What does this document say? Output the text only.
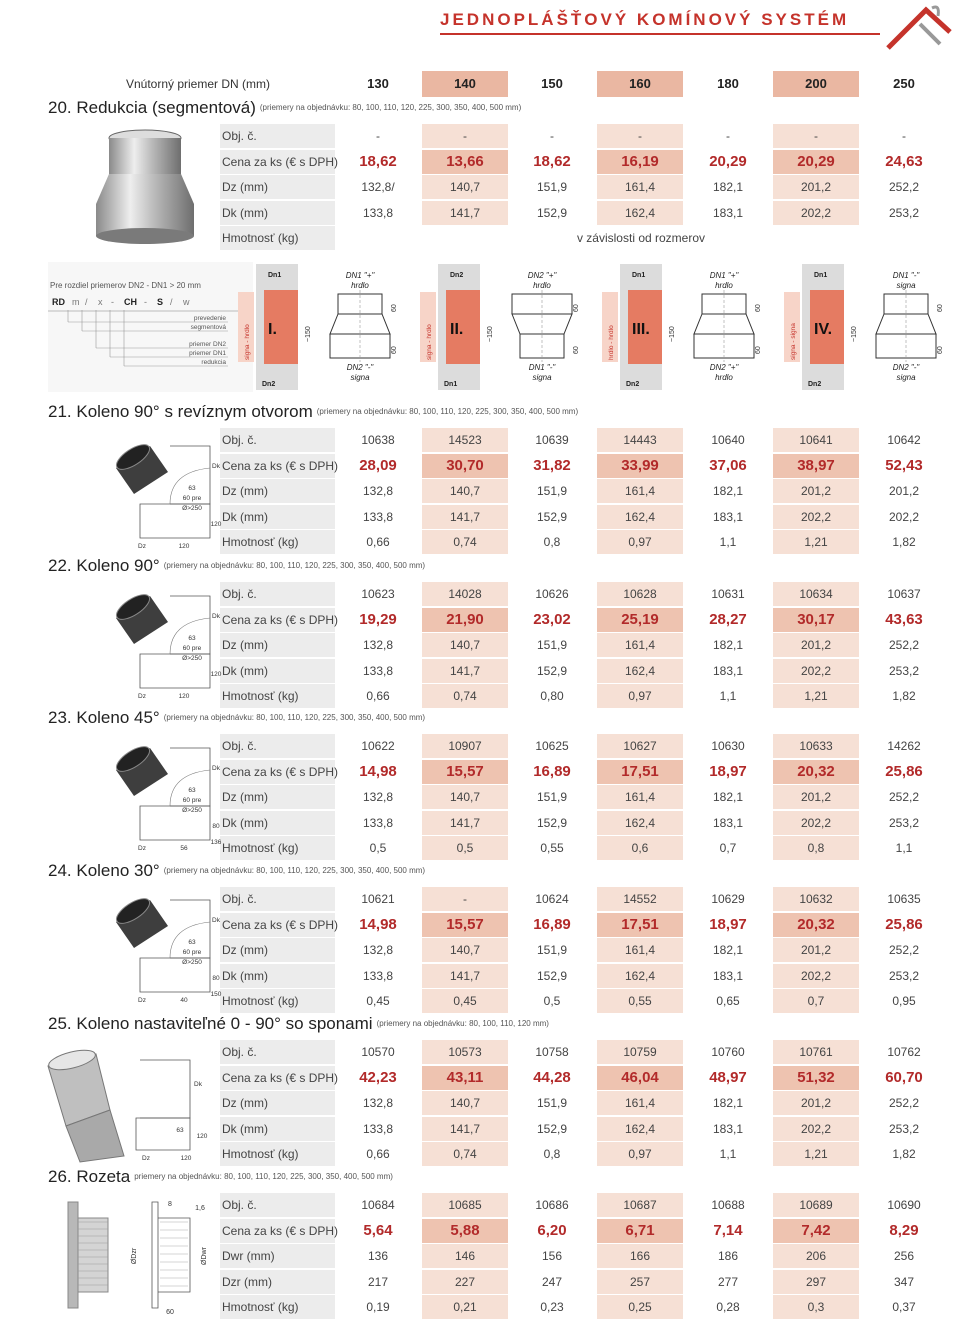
JEDNOPLÁŠŤOVÝ KOMÍNOVÝ SYSTÉM
Vnútorný priemer DN (mm)	130	140	150	160	180	200	250
20. Redukcia (segmentová) (priemery na objednávku: 80, 100, 110, 120, 225, 300, 350, 400, 500 mm)
Obj. č.	-	-	-	-	-	-	-
Cena za ks (€ s DPH)	18,62	13,66	18,62	16,19	20,29	20,29	24,63
Dz (mm)	132,8/	140,7	151,9	161,4	182,1	201,2	252,2
Dk (mm)	133,8	141,7	152,9	162,4	183,1	202,2	253,2
Hmotnosť (kg)	v závislosti od rozmerov
21. Koleno 90° s revíznym otvorom (priemery na objednávku: 80, 100, 110, 120, 225, 300, 350, 400, 500 mm)
Obj. č.	10638	14523	10639	14443	10640	10641	10642
Cena za ks (€ s DPH)	28,09	30,70	31,82	33,99	37,06	38,97	52,43
Dz (mm)	132,8	140,7	151,9	161,4	182,1	201,2	201,2
Dk (mm)	133,8	141,7	152,9	162,4	183,1	202,2	202,2
Hmotnosť (kg)	0,66	0,74	0,8	0,97	1,1	1,21	1,82
22. Koleno 90° (priemery na objednávku: 80, 100, 110, 120, 225, 300, 350, 400, 500 mm)
Obj. č.	10623	14028	10626	10628	10631	10634	10637
Cena za ks (€ s DPH)	19,29	21,90	23,02	25,19	28,27	30,17	43,63
Dz (mm)	132,8	140,7	151,9	161,4	182,1	201,2	252,2
Dk (mm)	133,8	141,7	152,9	162,4	183,1	202,2	253,2
Hmotnosť (kg)	0,66	0,74	0,80	0,97	1,1	1,21	1,82
23. Koleno 45° (priemery na objednávku: 80, 100, 110, 120, 225, 300, 350, 400, 500 mm)
Obj. č.	10622	10907	10625	10627	10630	10633	14262
Cena za ks (€ s DPH)	14,98	15,57	16,89	17,51	18,97	20,32	25,86
Dz (mm)	132,8	140,7	151,9	161,4	182,1	201,2	252,2
Dk (mm)	133,8	141,7	152,9	162,4	183,1	202,2	253,2
Hmotnosť (kg)	0,5	0,5	0,55	0,6	0,7	0,8	1,1
24. Koleno 30° (priemery na objednávku: 80, 100, 110, 120, 225, 300, 350, 400, 500 mm)
Obj. č.	10621	-	10624	14552	10629	10632	10635
Cena za ks (€ s DPH)	14,98	15,57	16,89	17,51	18,97	20,32	25,86
Dz (mm)	132,8	140,7	151,9	161,4	182,1	201,2	252,2
Dk (mm)	133,8	141,7	152,9	162,4	183,1	202,2	253,2
Hmotnosť (kg)	0,45	0,45	0,5	0,55	0,65	0,7	0,95
25. Koleno nastaviteľné 0 - 90° so sponami (priemery na objednávku: 80, 100, 110, 120 mm)
Obj. č.	10570	10573	10758	10759	10760	10761	10762
Cena za ks (€ s DPH)	42,23	43,11	44,28	46,04	48,97	51,32	60,70
Dz (mm)	132,8	140,7	151,9	161,4	182,1	201,2	252,2
Dk (mm)	133,8	141,7	152,9	162,4	183,1	202,2	253,2
Hmotnosť (kg)	0,66	0,74	0,8	0,97	1,1	1,21	1,82
26. Rozeta priemery na objednávku: 80, 100, 110, 120, 225, 300, 350, 400, 500 mm)
Obj. č.	10684	10685	10686	10687	10688	10689	10690
Cena za ks (€ s DPH)	5,64	5,88	6,20	6,71	7,14	7,42	8,29
Dwr (mm)	136	146	156	166	186	206	256
Dzr (mm)	217	227	247	257	277	297	347
Hmotnosť (kg)	0,19	0,21	0,23	0,25	0,28	0,3	0,37
Pre rozdiel priemerov DN2 - DN1 > 20 mm
RD m / x - CH - S / w
prevedenie
segmentová
priemer DN2
priemer DN1
redukcia
signa - hrdlo
Dn1
Dn2
I.	~150
DN1 "+"
hrdlo
DN2 "-"
signa
60
60	signa - hrdlo
Dn2
Dn1
II.	~150
DN2 "+"
hrdlo
DN1 "-"
signa
60
60	hrdlo - hrdlo
Dn1
Dn2
III.	~150
DN1 "+"
hrdlo
DN2 "+"
hrdlo
60
60	signa - signa
Dn1
Dn2
IV.	~150
DN1 "-"
signa
DN2 "-"
signa
60
60
Dz	120
Dk
63
60 pre
Ø>250
120
Dz	120
Dk
63
60 pre
Ø>250
120
Dz	56
Dk
63
60 pre
Ø>250
80
136
Dz	40
Dk
63
60 pre
Ø>250
80
150
Dz	120
Dk
63
120
8
1,6
ØDzr	ØDwr
60
